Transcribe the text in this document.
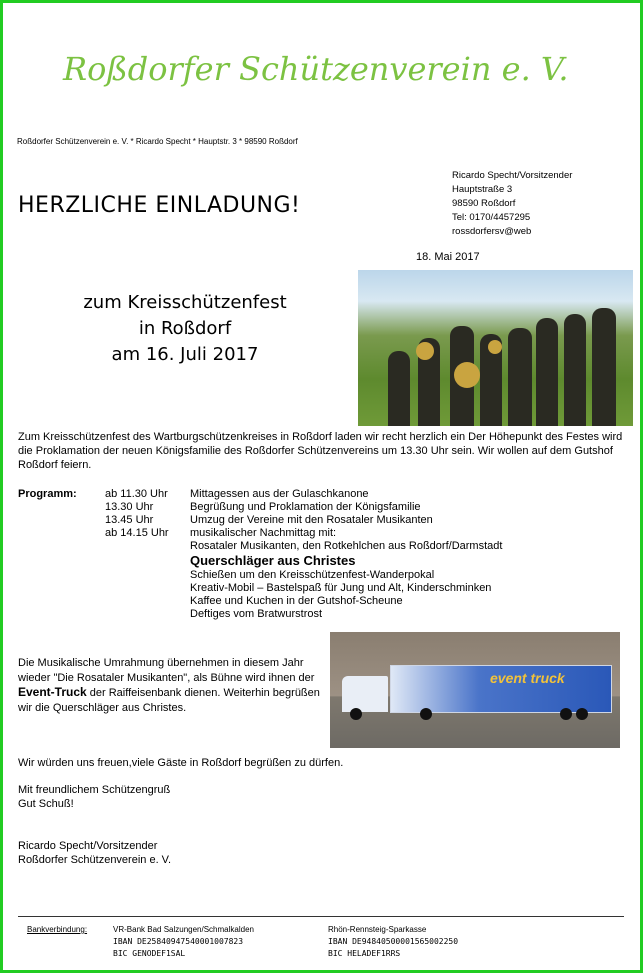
Roßdorfer Schützenverein e. V.
Roßdorfer Schützenverein e. V. * Ricardo Specht * Hauptstr. 3 * 98590 Roßdorf
HERZLICHE EINLADUNG!
Ricardo Specht/Vorsitzender
Hauptstraße 3
98590 Roßdorf
Tel: 0170/4457295
rossdorfersv@web
18. Mai 2017
zum Kreisschützenfest
in Roßdorf
am 16. Juli 2017
Zum Kreisschützenfest des Wartburgschützenkreises in Roßdorf laden wir recht herzlich ein Der Höhepunkt des Festes wird die Proklamation der neuen Königsfamilie des Roßdorfer Schützenvereins um 13.30 Uhr sein. Wir wollen auf dem Gutshof Roßdorf feiern.
Programm:	ab 11.30 Uhr
13.30 Uhr
13.45 Uhr
ab 14.15 Uhr
Mittagessen aus der Gulaschkanone
Begrüßung und Proklamation der Königsfamilie
Umzug der Vereine mit den Rosataler Musikanten
musikalischer Nachmittag mit:
Rosataler Musikanten, den Rotkehlchen aus Roßdorf/Darmstadt
Querschläger aus Christes
Schießen um den Kreisschützenfest-Wanderpokal
Kreativ-Mobil – Bastelspaß für Jung und Alt, Kinderschminken
Kaffee und Kuchen in der Gutshof-Scheune
Deftiges vom Bratwurstrost
event truck
Die Musikalische Umrahmung übernehmen in diesem Jahr wieder "Die Rosataler Musikanten", als Bühne wird ihnen der Event-Truck der Raiffeisenbank dienen. Weiterhin begrüßen wir die Querschläger aus Christes.
Wir würden uns freuen,viele Gäste in Roßdorf begrüßen zu dürfen.
Mit freundlichem Schützengruß
Gut Schuß!
Ricardo Specht/Vorsitzender
Roßdorfer Schützenverein e. V.
Bankverbindung:	VR-Bank Bad Salzungen/Schmalkalden
IBAN DE25840947540001007823
BIC GENODEF1SAL
Rhön-Rennsteig-Sparkasse
IBAN DE94840500001565002250
BIC HELADEF1RRS
